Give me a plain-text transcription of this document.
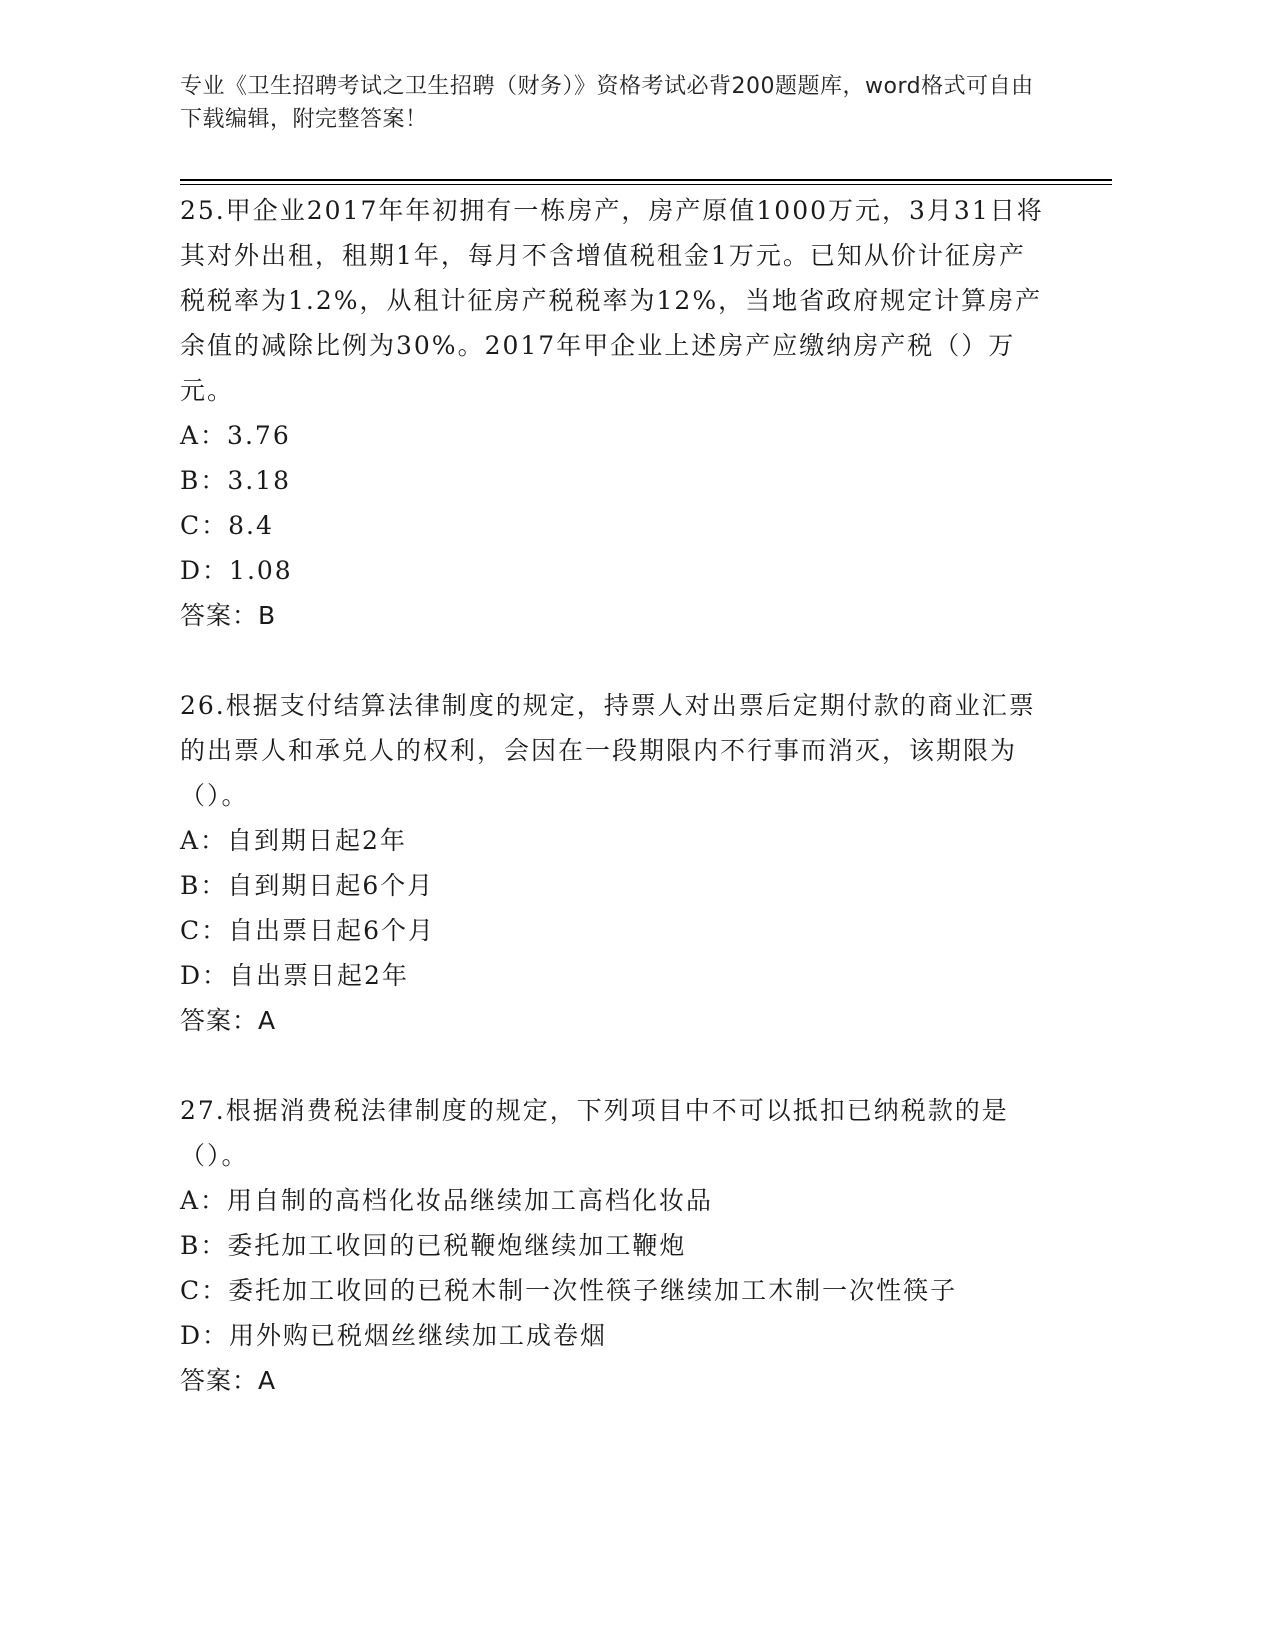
专业《卫生招聘考试之卫生招聘（财务）》资格考试必背200题题库，word格式可自由下载编辑，附完整答案！

25.甲企业2017年年初拥有一栋房产，房产原值1000万元，3月31日将其对外出租，租期1年，每月不含增值税租金1万元。已知从价计征房产税税率为1.2%，从租计征房产税税率为12%，当地省政府规定计算房产余值的减除比例为30%。2017年甲企业上述房产应缴纳房产税（）万元。

A：3.76

B：3.18

C：8.4

D：1.08

答案：B

26.根据支付结算法律制度的规定，持票人对出票后定期付款的商业汇票的出票人和承兑人的权利，会因在一段期限内不行事而消灭，该期限为（）。

A：自到期日起2年

B：自到期日起6个月

C：自出票日起6个月

D：自出票日起2年

答案：A

27.根据消费税法律制度的规定，下列项目中不可以抵扣已纳税款的是（）。

A：用自制的高档化妆品继续加工高档化妆品

B：委托加工收回的已税鞭炮继续加工鞭炮

C：委托加工收回的已税木制一次性筷子继续加工木制一次性筷子

D：用外购已税烟丝继续加工成卷烟

答案：A
